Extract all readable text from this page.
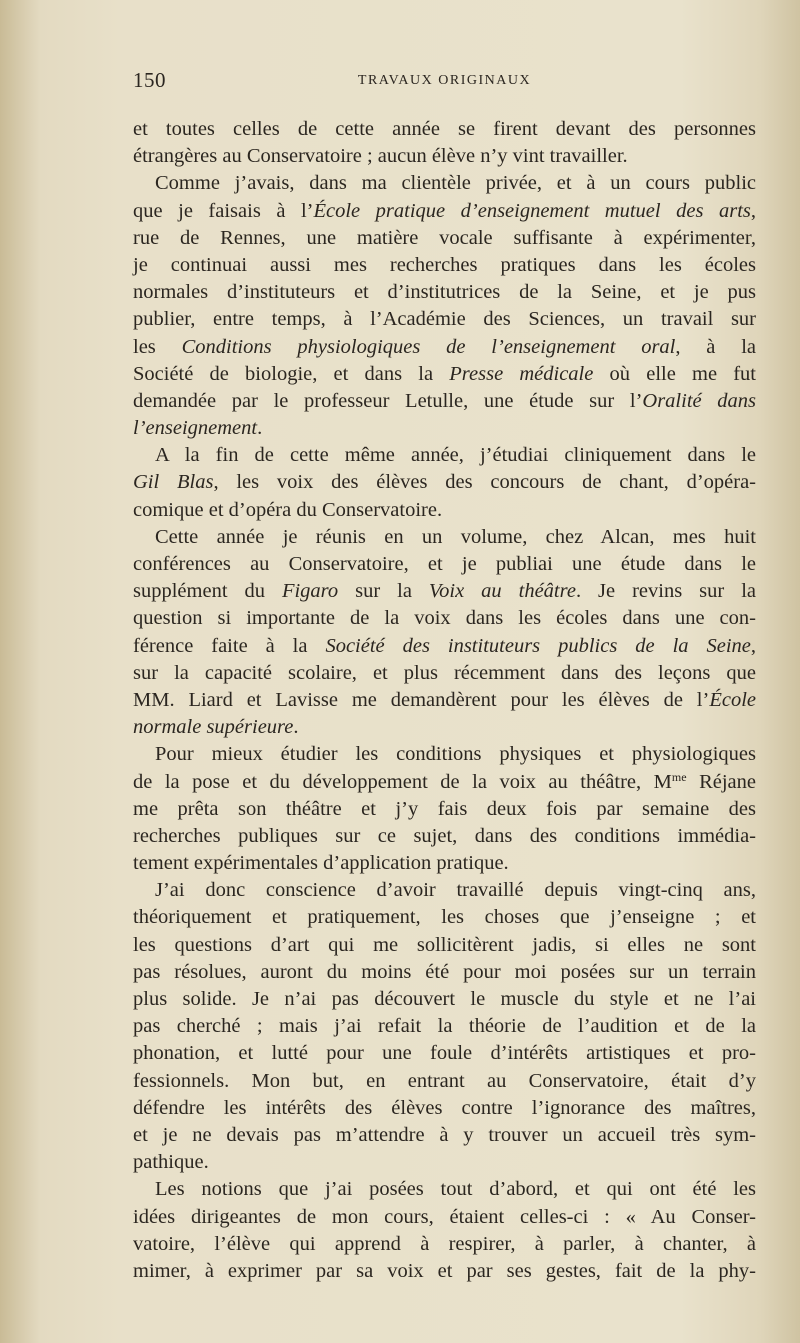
150	TRAVAUX ORIGINAUX
et toutes celles de cette année se firent devant des personnes
étrangères au Conservatoire ; aucun élève n’y vint travailler.
Comme j’avais, dans ma clientèle privée, et à un cours public
que je faisais à l’École pratique d’enseignement mutuel des arts,
rue de Rennes, une matière vocale suffisante à expérimenter,
je continuai aussi mes recherches pratiques dans les écoles
normales d’instituteurs et d’institutrices de la Seine, et je pus
publier, entre temps, à l’Académie des Sciences, un travail sur
les Conditions physiologiques de l’enseignement oral, à la
Société de biologie, et dans la Presse médicale où elle me fut
demandée par le professeur Letulle, une étude sur l’Oralité dans
l’enseignement.
A la fin de cette même année, j’étudiai cliniquement dans le
Gil Blas, les voix des élèves des concours de chant, d’opéra-
comique et d’opéra du Conservatoire.
Cette année je réunis en un volume, chez Alcan, mes huit
conférences au Conservatoire, et je publiai une étude dans le
supplément du Figaro sur la Voix au théâtre. Je revins sur la
question si importante de la voix dans les écoles dans une con-
férence faite à la Société des instituteurs publics de la Seine,
sur la capacité scolaire, et plus récemment dans des leçons que
MM. Liard et Lavisse me demandèrent pour les élèves de l’École
normale supérieure.
Pour mieux étudier les conditions physiques et physiologiques
de la pose et du développement de la voix au théâtre, $M^{me}$ Réjane
me prêta son théâtre et j’y fais deux fois par semaine des
recherches publiques sur ce sujet, dans des conditions immédia-
tement expérimentales d’application pratique.
J’ai donc conscience d’avoir travaillé depuis vingt-cinq ans,
théoriquement et pratiquement, les choses que j’enseigne ; et
les questions d’art qui me sollicitèrent jadis, si elles ne sont
pas résolues, auront du moins été pour moi posées sur un terrain
plus solide. Je n’ai pas découvert le muscle du style et ne l’ai
pas cherché ; mais j’ai refait la théorie de l’audition et de la
phonation, et lutté pour une foule d’intérêts artistiques et pro-
fessionnels. Mon but, en entrant au Conservatoire, était d’y
défendre les intérêts des élèves contre l’ignorance des maîtres,
et je ne devais pas m’attendre à y trouver un accueil très sym-
pathique.
Les notions que j’ai posées tout d’abord, et qui ont été les
idées dirigeantes de mon cours, étaient celles-ci : « Au Conser-
vatoire, l’élève qui apprend à respirer, à parler, à chanter, à
mimer, à exprimer par sa voix et par ses gestes, fait de la phy-
